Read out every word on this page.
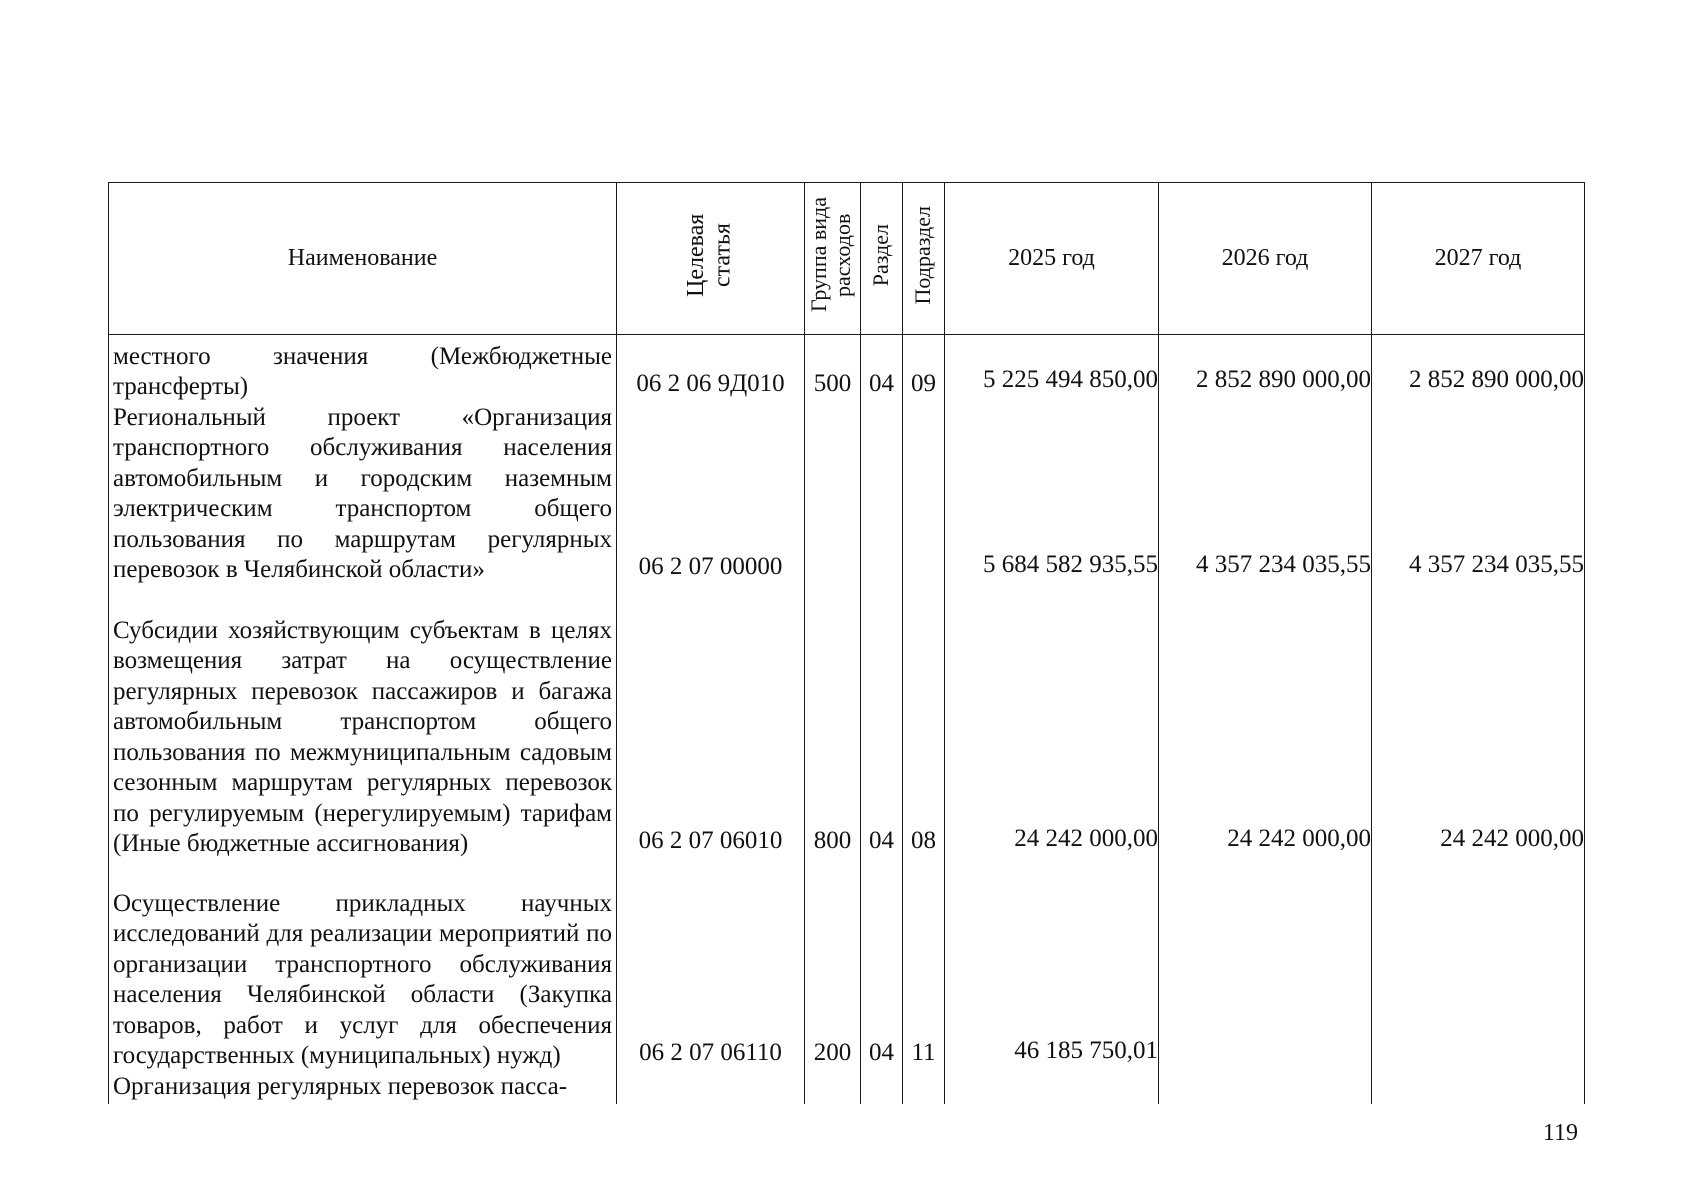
Наименование	Целевая статья	Группа вида расходов	Раздел	Подраздел	2025 год	2026 год	2027 год
местного значения (Межбюджетные трансферты)	06 2 06 9Д010	500	04	09	5 225 494 850,00	2 852 890 000,00	2 852 890 000,00
Региональный проект «Организация транспортного обслуживания населения автомобильным и городским наземным электрическим транспортом общего пользования по маршрутам регулярных перевозок в Челябинской области»	06 2 07 00000				5 684 582 935,55	4 357 234 035,55	4 357 234 035,55
Субсидии хозяйствующим субъектам в целях возмещения затрат на осуществление регулярных перевозок пассажиров и багажа автомобильным транспортом общего пользования по межмуниципальным садовым сезонным маршрутам регулярных перевозок по регулируемым (нерегулируемым) тарифам (Иные бюджетные ассигнования)	06 2 07 06010	800	04	08	24 242 000,00	24 242 000,00	24 242 000,00
Осуществление прикладных научных исследований для реализации мероприятий по организации транспортного обслуживания населения Челябинской области (Закупка товаров, работ и услуг для обеспечения государственных (муниципальных) нужд)	06 2 07 06110	200	04	11	46 185 750,01		
Организация регулярных перевозок пасса-							
119
